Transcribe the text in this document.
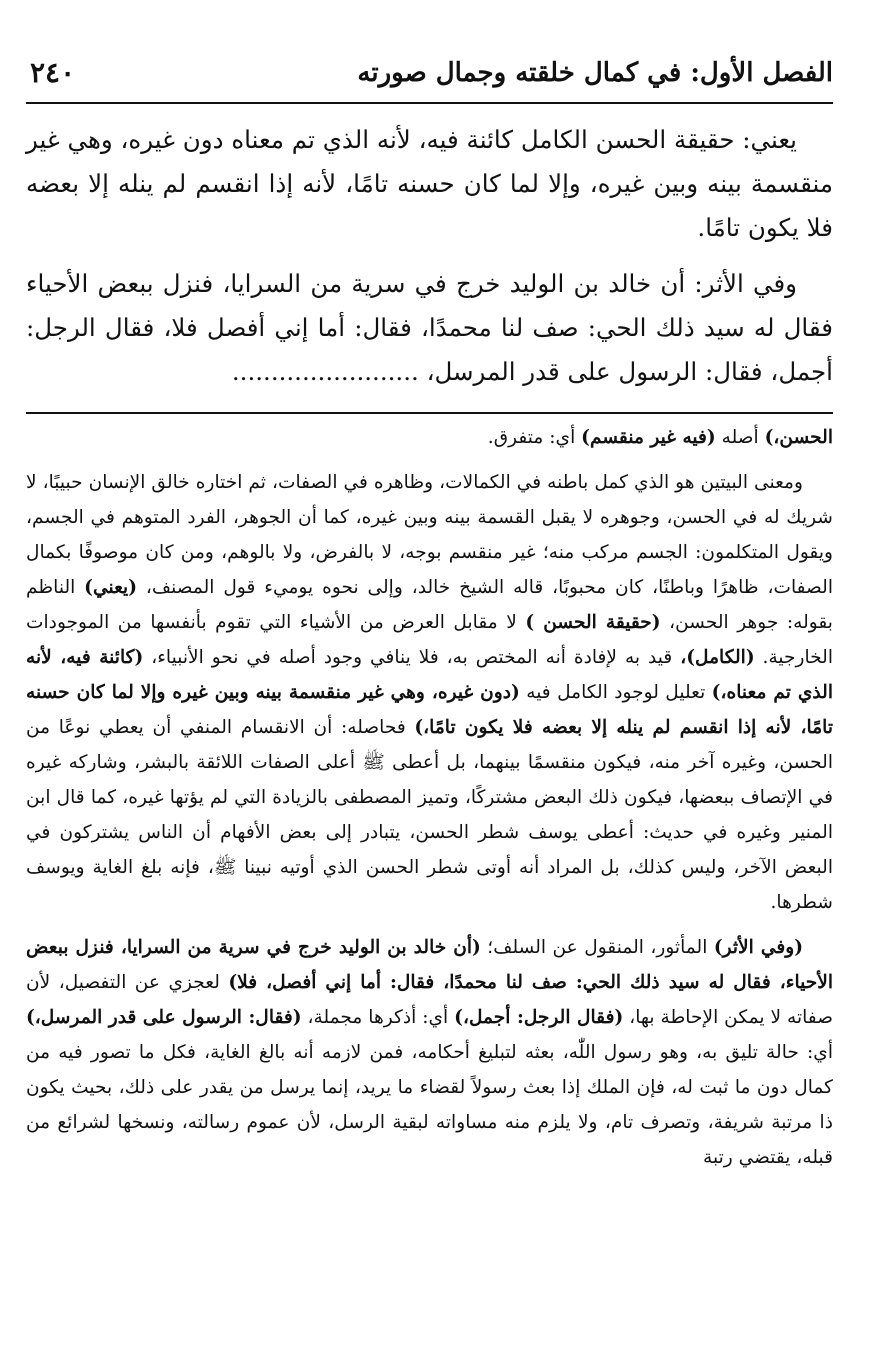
الفصل الأول: في كمال خلقته وجمال صورته
٢٤٠

يعني: حقيقة الحسن الكامل كائنة فيه، لأنه الذي تم معناه دون غيره، وهي غير منقسمة بينه وبين غيره، وإلا لما كان حسنه تامًا، لأنه إذا انقسم لم ينله إلا بعضه فلا يكون تامًا.

وفي الأثر: أن خالد بن الوليد خرج في سرية من السرايا، فنزل ببعض الأحياء فقال له سيد ذلك الحي: صف لنا محمدًا، فقال: أما إني أفصل فلا، فقال الرجل: أجمل، فقال: الرسول على قدر المرسل، ........................

الحسن،) أصله (فيه غير منقسم) أي: متفرق.

ومعنى البيتين هو الذي كمل باطنه في الكمالات، وظاهره في الصفات، ثم اختاره خالق الإنسان حبيبًا، لا شريك له في الحسن، وجوهره لا يقبل القسمة بينه وبين غيره، كما أن الجوهر، الفرد المتوهم في الجسم، ويقول المتكلمون: الجسم مركب منه؛ غير منقسم بوجه، لا بالفرض، ولا بالوهم، ومن كان موصوفًا بكمال الصفات، ظاهرًا وباطنًا، كان محبوبًا، قاله الشيخ خالد، وإلى نحوه يوميء قول المصنف، (يعني) الناظم بقوله: جوهر الحسن، (حقيقة الحسن ) لا مقابل العرض من الأشياء التي تقوم بأنفسها من الموجودات الخارجية. (الكامل)، قيد به لإفادة أنه المختص به، فلا ينافي وجود أصله في نحو الأنبياء، (كائنة فيه، لأنه الذي تم معناه،) تعليل لوجود الكامل فيه (دون غيره، وهي غير منقسمة بينه وبين غيره وإلا لما كان حسنه تامًا، لأنه إذا انقسم لم ينله إلا بعضه فلا يكون تامًا،) فحاصله: أن الانقسام المنفي أن يعطي نوعًا من الحسن، وغيره آخر منه، فيكون منقسمًا بينهما، بل أعطى ﷺ أعلى الصفات اللائقة بالبشر، وشاركه غيره في الإتصاف ببعضها، فيكون ذلك البعض مشتركًا، وتميز المصطفى بالزيادة التي لم يؤتها غيره، كما قال ابن المنير وغيره في حديث: أعطى يوسف شطر الحسن، يتبادر إلى بعض الأفهام أن الناس يشتركون في البعض الآخر، وليس كذلك، بل المراد أنه أوتى شطر الحسن الذي أوتيه نبينا ﷺ، فإنه بلغ الغاية ويوسف شطرها.

(وفي الأثر) المأثور، المنقول عن السلف؛ (أن خالد بن الوليد خرج في سرية من السرايا، فنزل ببعض الأحياء، فقال له سيد ذلك الحي: صف لنا محمدًا، فقال: أما إني أفصل، فلا) لعجزي عن التفصيل، لأن صفاته لا يمكن الإحاطة بها، (فقال الرجل: أجمل،) أي: أذكرها مجملة، (فقال: الرسول على قدر المرسل،) أي: حالة تليق به، وهو رسول اللّٰه، بعثه لتبليغ أحكامه، فمن لازمه أنه بالغ الغاية، فكل ما تصور فيه من كمال دون ما ثبت له، فإن الملك إذا بعث رسولاً لقضاء ما يريد، إنما يرسل من يقدر على ذلك، بحيث يكون ذا مرتبة شريفة، وتصرف تام، ولا يلزم منه مساواته لبقية الرسل، لأن عموم رسالته، ونسخها لشرائع من قبله، يقتضي رتبة
